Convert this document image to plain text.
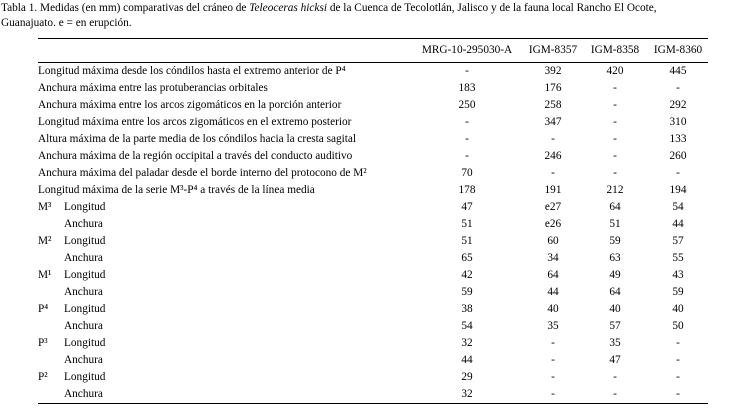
Tabla 1. Medidas (en mm) comparativas del cráneo de Teleoceras hicksi de la Cuenca de Tecolotlán, Jalisco y de la fauna local Rancho El Ocote,
Guanajuato. e = en erupción.
	MRG-10-295030-A	IGM-8357	IGM-8358	IGM-8360
Longitud máxima desde los cóndilos hasta el extremo anterior de P⁴	-	392	420	445
Anchura máxima entre las protuberancias orbitales	183	176	-	-
Anchura máxima entre los arcos zigomáticos en la porción anterior	250	258	-	292
Longitud máxima entre los arcos zigomáticos en el extremo posterior	-	347	-	310
Altura máxima de la parte media de los cóndilos hacia la cresta sagital	-	-	-	133
Anchura máxima de la región occipital a través del conducto auditivo	-	246	-	260
Anchura máxima del paladar desde el borde interno del protocono de M²	70	-	-	-
Longitud máxima de la serie M³-P⁴ a través de la línea media	178	191	212	194
M³ Longitud	47	e27	64	54
Anchura	51	e26	51	44
M² Longitud	51	60	59	57
Anchura	65	34	63	55
M¹ Longitud	42	64	49	43
Anchura	59	44	64	59
P⁴ Longitud	38	40	40	40
Anchura	54	35	57	50
P³ Longitud	32	-	35	-
Anchura	44	-	47	-
P² Longitud	29	-	-	-
Anchura	32	-	-	-
